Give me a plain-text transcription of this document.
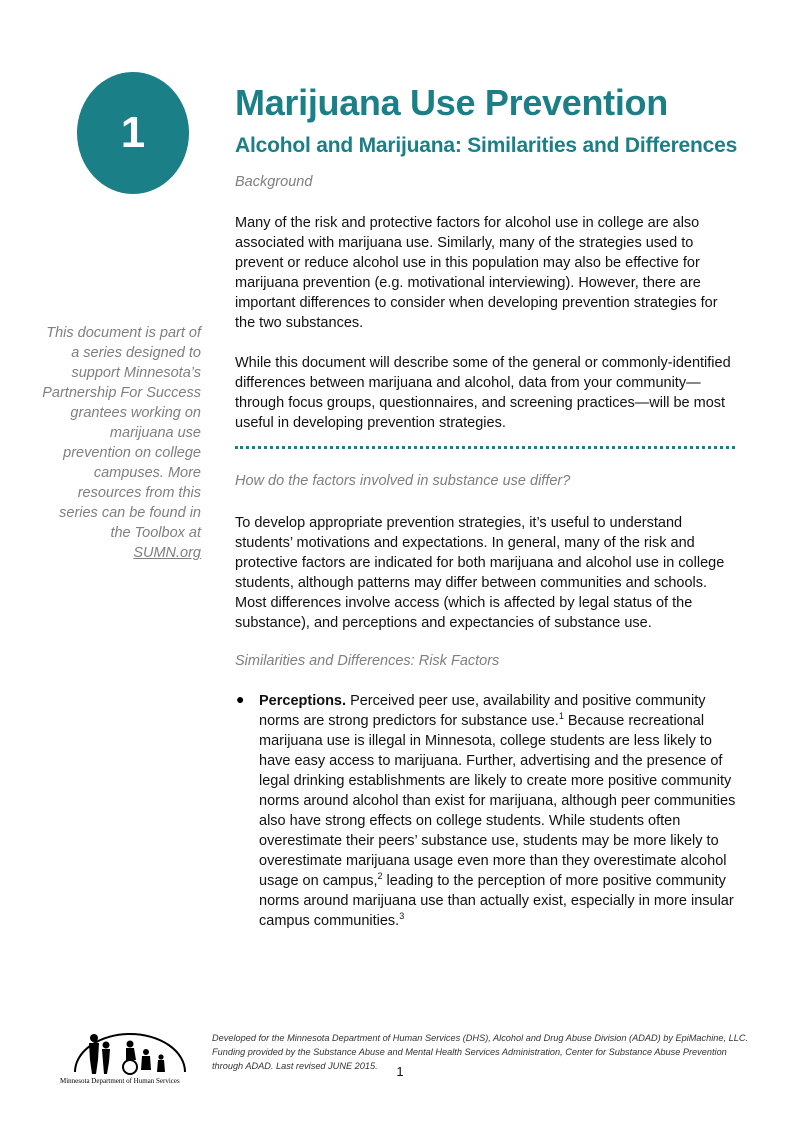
1
Marijuana Use Prevention
Alcohol and Marijuana: Similarities and Differences

Background

Many of the risk and protective factors for alcohol use in college are also associated with marijuana use. Similarly, many of the strategies used to prevent or reduce alcohol use in this population may also be effective for marijuana prevention (e.g. motivational interviewing). However, there are important differences to consider when developing prevention strategies for the two substances.

While this document will describe some of the general or commonly-identified differences between marijuana and alcohol, data from your community—through focus groups, questionnaires, and screening practices—will be most useful in developing prevention strategies.

This document is part of a series designed to support Minnesota’s Partnership For Success grantees working on marijuana use prevention on college campuses. More resources from this series can be found in the Toolbox at SUMN.org

How do the factors involved in substance use differ?

To develop appropriate prevention strategies, it’s useful to understand students’ motivations and expectations. In general, many of the risk and protective factors are indicated for both marijuana and alcohol use in college students, although patterns may differ between communities and schools. Most differences involve access (which is affected by legal status of the substance), and perceptions and expectancies of substance use.

Similarities and Differences: Risk Factors

● Perceptions. Perceived peer use, availability and positive community norms are strong predictors for substance use.$^1$ Because recreational marijuana use is illegal in Minnesota, college students are less likely to have easy access to marijuana. Further, advertising and the presence of legal drinking establishments are likely to create more positive community norms around alcohol than exist for marijuana, although peer communities also have strong effects on college students. While students often overestimate their peers’ substance use, students may be more likely to overestimate marijuana usage even more than they overestimate alcohol usage on campus,$^2$ leading to the perception of more positive community norms around marijuana use than actually exist, especially in more insular campus communities.$^3$

Minnesota Department of Human Services

Developed for the Minnesota Department of Human Services (DHS), Alcohol and Drug Abuse Division (ADAD) by EpiMachine, LLC. Funding provided by the Substance Abuse and Mental Health Services Administration, Center for Substance Abuse Prevention through ADAD. Last revised JUNE 2015.	1
